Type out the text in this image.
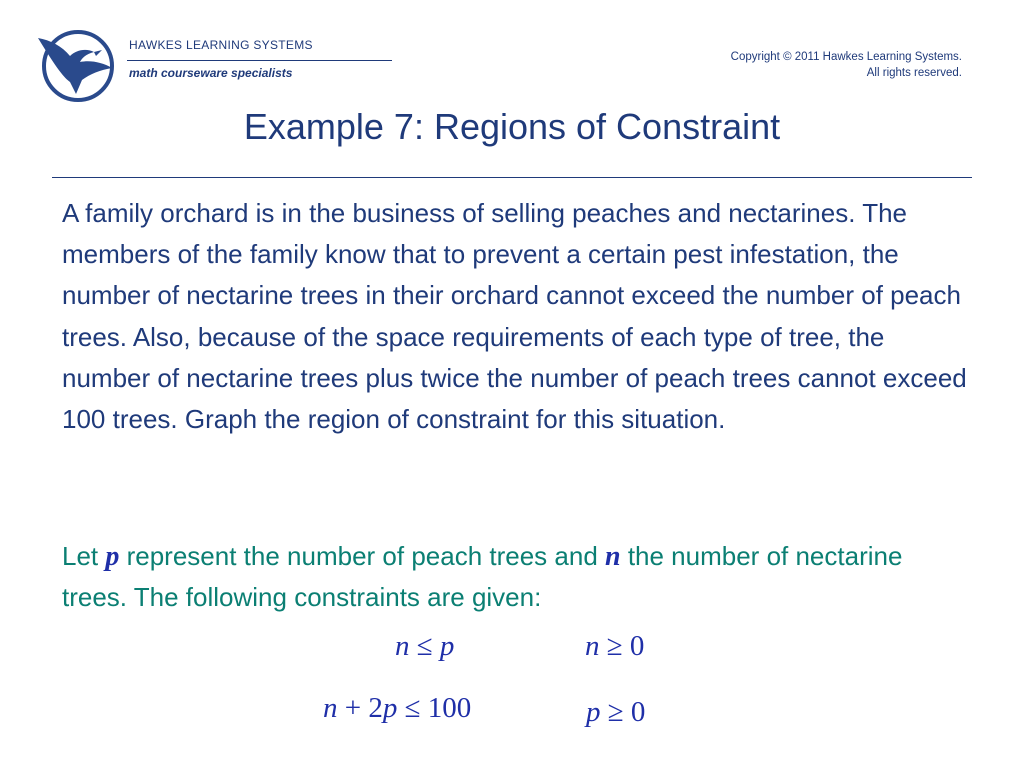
HAWKES LEARNING SYSTEMS
math courseware specialists
Copyright © 2011 Hawkes Learning Systems.
All rights reserved.
Example 7: Regions of Constraint

A family orchard is in the business of selling peaches and nectarines. The members of the family know that to prevent a certain pest infestation, the number of nectarine trees in their orchard cannot exceed the number of peach trees. Also, because of the space requirements of each type of tree, the number of nectarine trees plus twice the number of peach trees cannot exceed 100 trees. Graph the region of constraint for this situation.

Let p represent the number of peach trees and n the number of nectarine trees. The following constraints are given:

n ≤ p	n ≥ 0
n + 2p ≤ 100	p ≥ 0
